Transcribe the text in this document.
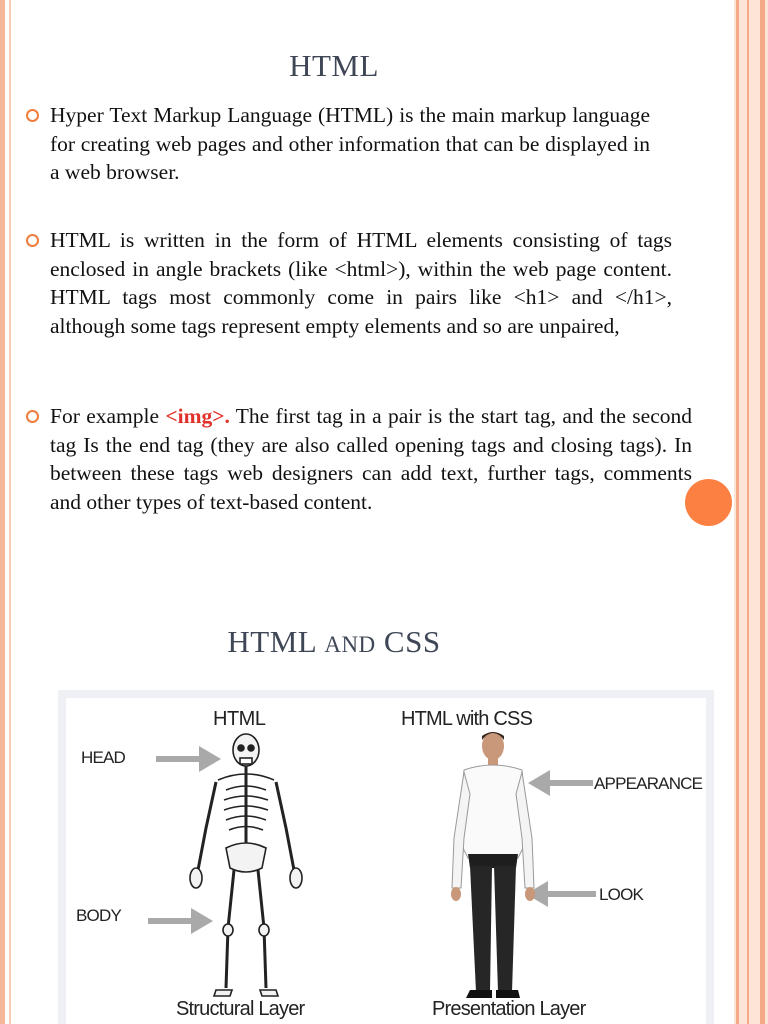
HTML
Hyper Text Markup Language (HTML) is the main markup language for creating web pages and other information that can be displayed in a web browser.
HTML is written in the form of HTML elements consisting of tags enclosed in angle brackets (like <html>), within the web page content. HTML tags most commonly come in pairs like <h1> and </h1>, although some tags represent empty elements and so are unpaired,
For example <img>. The first tag in a pair is the start tag, and the second tag Is the end tag (they are also called opening tags and closing tags). In between these tags web designers can add text, further tags, comments and other types of text-based content.
HTML AND CSS
HTML	HTML with CSS
HEAD
BODY
APPEARANCE
LOOK
Structural Layer	Presentation Layer
